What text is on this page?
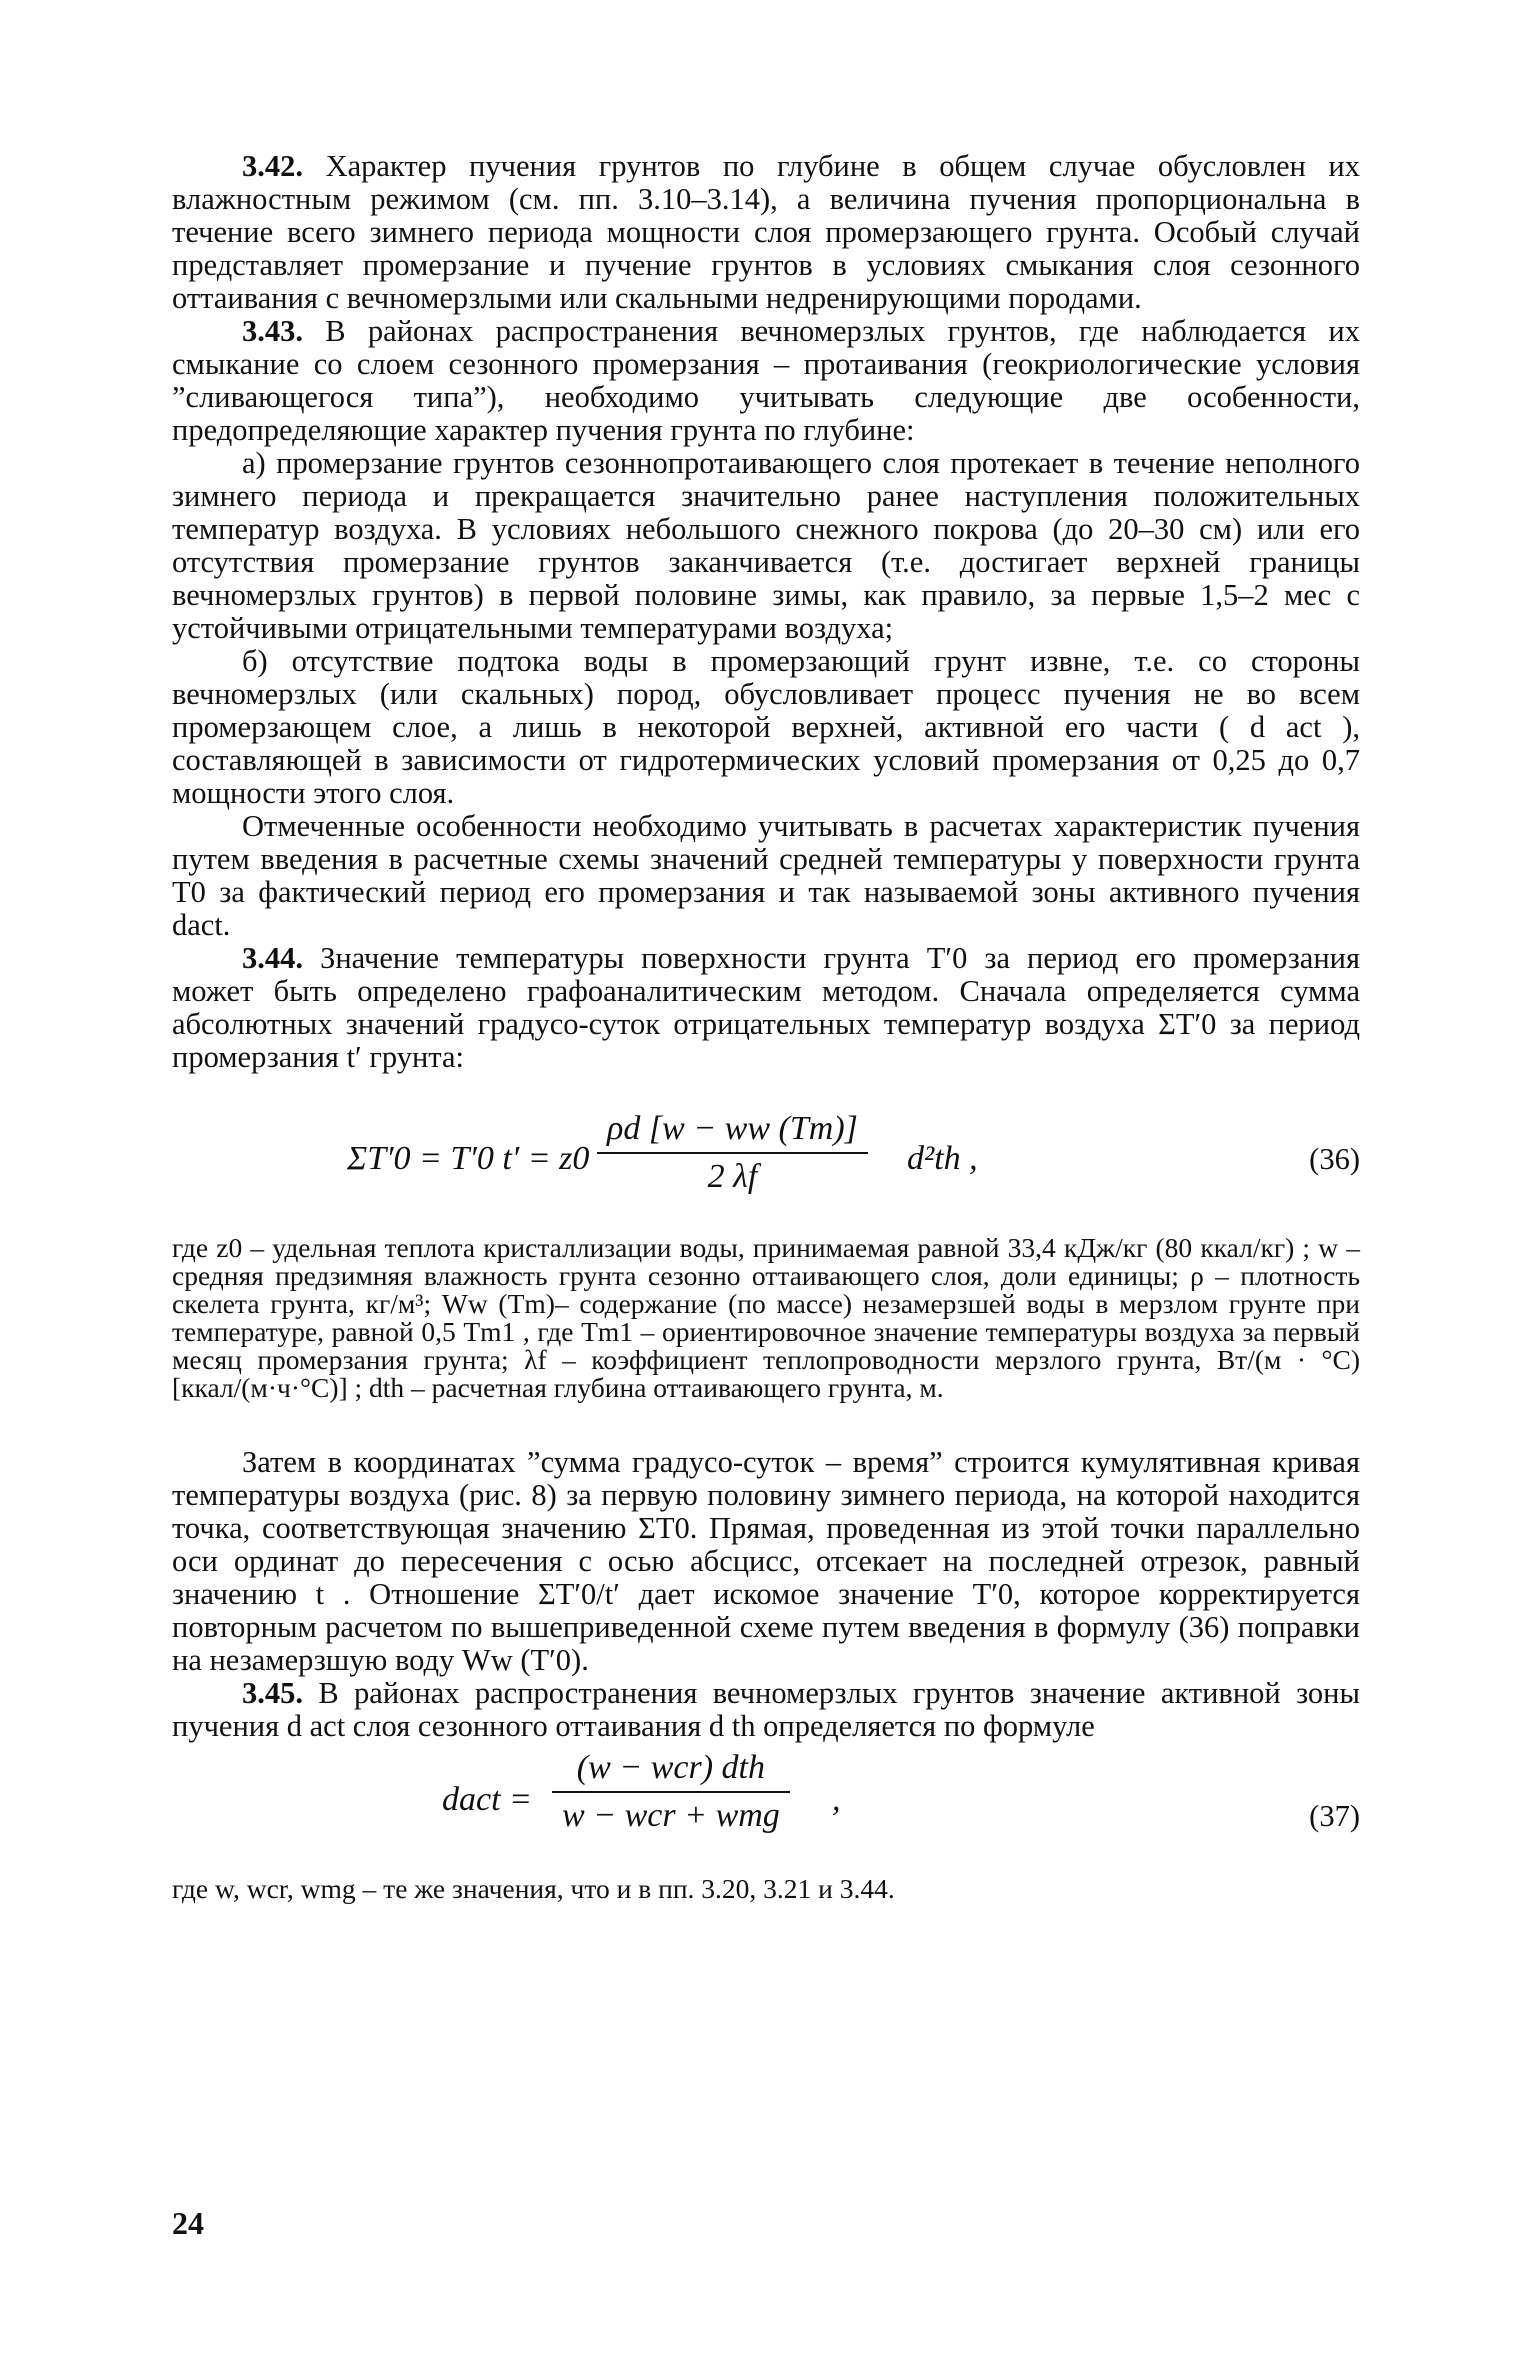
3.42. Характер пучения грунтов по глубине в общем случае обусловлен их влажностным режимом (см. пп. 3.10–3.14), а величина пучения пропорциональна в течение всего зимнего периода мощности слоя промерзающего грунта. Особый случай представляет промерзание и пучение грунтов в условиях смыкания слоя сезонного оттаивания с вечномерзлыми или скальными недренирующими породами.

3.43. В районах распространения вечномерзлых грунтов, где наблюдается их смыкание со слоем сезонного промерзания – протаивания (геокриологические условия ”сливающегося типа”), необходимо учитывать следующие две особенности, предопределяющие характер пучения грунта по глубине:

а) промерзание грунтов сезоннопротаивающего слоя протекает в течение неполного зимнего периода и прекращается значительно ранее наступления положительных температур воздуха. В условиях небольшого снежного покрова (до 20–30 см) или его отсутствия промерзание грунтов заканчивается (т.е. достигает верхней границы вечномерзлых грунтов) в первой половине зимы, как правило, за первые 1,5–2 мес с устойчивыми отрицательными температурами воздуха;

б) отсутствие подтока воды в промерзающий грунт извне, т.е. со стороны вечномерзлых (или скальных) пород, обусловливает процесс пучения не во всем промерзающем слое, а лишь в некоторой верхней, активной его части ( d act ), составляющей в зависимости от гидротермических условий промерзания от 0,25 до 0,7 мощности этого слоя.

Отмеченные особенности необходимо учитывать в расчетах характеристик пучения путем введения в расчетные схемы значений средней температуры у поверхности грунта T0 за фактический период его промерзания и так называемой зоны активного пучения dact.

3.44. Значение температуры поверхности грунта T′0 за период его промерзания может быть определено графоаналитическим методом. Сначала определяется сумма абсолютных значений градусо-суток отрицательных температур воздуха ΣT′0 за период промерзания t′ грунта:

ΣT′0 = T′0 t′ = z0
ρd [w − ww (Tm)]
2 λf	d²th ,	(36)

где z0 – удельная теплота кристаллизации воды, принимаемая равной 33,4 кДж/кг (80 ккал/кг) ; w – средняя предзимняя влажность грунта сезонно оттаивающего слоя, доли единицы; ρ – плотность скелета грунта, кг/м³; Ww (Tm)– содержание (по массе) незамерзшей воды в мерзлом грунте при температуре, равной 0,5 Tm1 , где Tm1 – ориентировочное значение температуры воздуха за первый месяц промерзания грунта; λf – коэффициент теплопроводности мерзлого грунта, Вт/(м · °С) [ккал/(м·ч·°С)] ; dth – расчетная глубина оттаивающего грунта, м.

Затем в координатах ”сумма градусо-суток – время” строится кумулятивная кривая температуры воздуха (рис. 8) за первую половину зимнего периода, на которой находится точка, соответствующая значению ΣT0. Прямая, проведенная из этой точки параллельно оси ординат до пересечения с осью абсцисс, отсекает на последней отрезок, равный значению t . Отношение ΣT′0/t′ дает искомое значение T′0, которое корректируется повторным расчетом по вышеприведенной схеме путем введения в формулу (36) поправки на незамерзшую воду Ww (T′0).

3.45. В районах распространения вечномерзлых грунтов значение активной зоны пучения d act слоя сезонного оттаивания d th определяется по формуле

dact =
(w − wcr) dth
w − wcr + wmg ,	(37)

где w, wcr, wmg – те же значения, что и в пп. 3.20, 3.21 и 3.44.

24
